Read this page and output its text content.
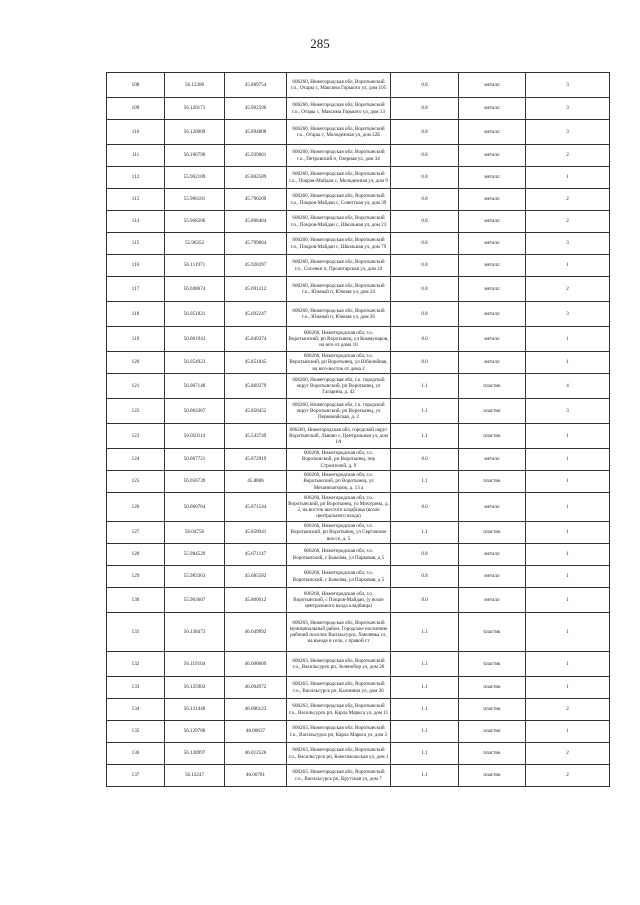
285
108	56.12306	45.889754	606260, Нижегородская обл, Воротынский г.о., Отары с, Максима Горького ул, дом 105	0.8	металл	3
109	56.120171	45.902596	606260, Нижегородская обл, Воротынский г.о., Отары с, Максима Горького ул, дом 13	0.8	металл	3
110	56.120009	45.894808	606260, Нижегородская обл, Воротынский г.о., Отары с, Молодежная ул, дом 22Б	0.8	металл	3
111	56.106796	45.939061	606260, Нижегородская обл, Воротынский г.о., Петровский п, Озерная ул, дом 34	0.8	металл	2
112	55.962189	45.802589	606260, Нижегородская обл, Воротынский г.о., Покров-Майдан с, Молодежная ул, дом 9	0.8	металл	1
113	55.966101	45.796209	606260, Нижегородская обл, Воротынский г.о., Покров-Майдан с, Советская ул, дом 39	0.8	металл	2
114	55.968206	45.808464	606260, Нижегородская обл, Воротынский г.о., Покров-Майдан с, Школьная ул, дом 23	0.8	металл	2
115	55.96352	45.799664	606260, Нижегородская обл, Воротынский г.о., Покров-Майдан с, Школьная ул, дом 79	0.8	металл	3
116	56.111971	45.928397	606260, Нижегородская обл, Воротынский г.о., Сосенки п, Пролетарская ул, дом 24	0.8	металл	1
117	56.048674	45.691212	606260, Нижегородская обл, Воротынский г.о., Южный п, Южная ул, дом 24	0.8	металл	2
118	56.051821	45.692247	606260, Нижегородская обл, Воротынский г.о., Южный п, Южная ул, дом 26	0.8	металл	3
119	56.061943	45.849374	606260, Нижегородская обл, г.о. Воротынский, рп Воротынец, ул Коммунаров, на юге от дома 10	8.0	металл	1
120	56.054923	45.851845	606260, Нижегородская обл, г.о. Воротынский, рп Воротынец, ул Юбилейная, на юго-восток от дома 2	8.0	металл	1
121	56.067148	45.869379	606260, Нижегородская обл, г.о. городской округ Воротынский, рп Воротынец, ул Гагарина, д. 42	1.1	пластик	4
122	56.063367	45.858452	606260, Нижегородская обл, г.о. городской округ Воротынский, рп Воротынец, ул Первомайская, д. 2	1.1	пластик	3
123	56.050114	45.543749	606260, Нижегородская обл, городской округ Воротынский, Львово с, Центральная ул, дом 1А	1.1	пластик	1
124	56.067721	45.872919	606260, Нижегородская обл, г.о. Воротынский, рп Воротынец, пер Строителей, д. 9	8.0	металл	1
125	56.056739	45.8806	606260, Нижегородская обл, г.о. Воротынский, рп Воротынец, ул Механизаторов, д. 13 а	1.1	пластик	1
126	56.060764	45.871544	606260, Нижегородская обл, г.о. Воротынский, рп Воротынец, ул Мичурина, д. 2, на восток шестого кладбища (возле центрального входа)	8.0	металл	1
127	56.04756	45.858941	606260, Нижегородская обл, г.о. Воротынский, рп Воротынец, ул Сергачское шоссе, д. 5	1.1	пластик	1
128	55.984529	45.671147	606260, Нижегородская обл, г.о. Воротынский, с Быкоіма, ул Парковая, д 5	0.8	металл	1
129	55.983363	45.685582	606260, Нижегородская обл, г.о. Воротынский, с Быкоіма, ул Парковая, д 5	0.8	металл	1
130	55.963607	45.800012	606260, Нижегородская обл, г.о. Воротынский, с Покров-Майдан, (у возле центрального входа кладбища)	8.0	металл	1
131	56.138473	46.049992	606263, Нижегородская обл, Воротынский муниципальный район, Городское поселение рабочий поселок Васильсурск, Хмелевка сл, на въезде в село, с правой ст	1.1	пластик	1
132	56.119104	46.008609	606263, Нижегородская обл, Воротынский г.о., Васильсурск рп, Зеленобор ул, дом 20	1.1	пластик	1
133	56.125903	46.004972	606263, Нижегородская обл, Воротынский г.о., Васильсурск рп, Калинина ул, дом 20	1.1	пластик	1
134	56.131448	46.006123	606263, Нижегородская обл, Воротынский г.о., Васильсурск рп, Карла Маркса ул, дом 11	1.1	пластик	2
135	56.129788	46.00637	606263, Нижегородская обл, Воротынский г.о., Васильсурск рп, Карла Маркса ул, дом 3	1.1	пластик	1
136	56.128997	46.012526	606263, Нижегородская обл, Воротынский г.о., Васильсурск рп, Комсомольская ул, дом 1	1.1	пластик	2
137	56.12247	46.00781	606263, Нижегородская обл, Воротынский г.о., Васильсурск рп, Крутская ул, дом 7	1.1	пластик	2
